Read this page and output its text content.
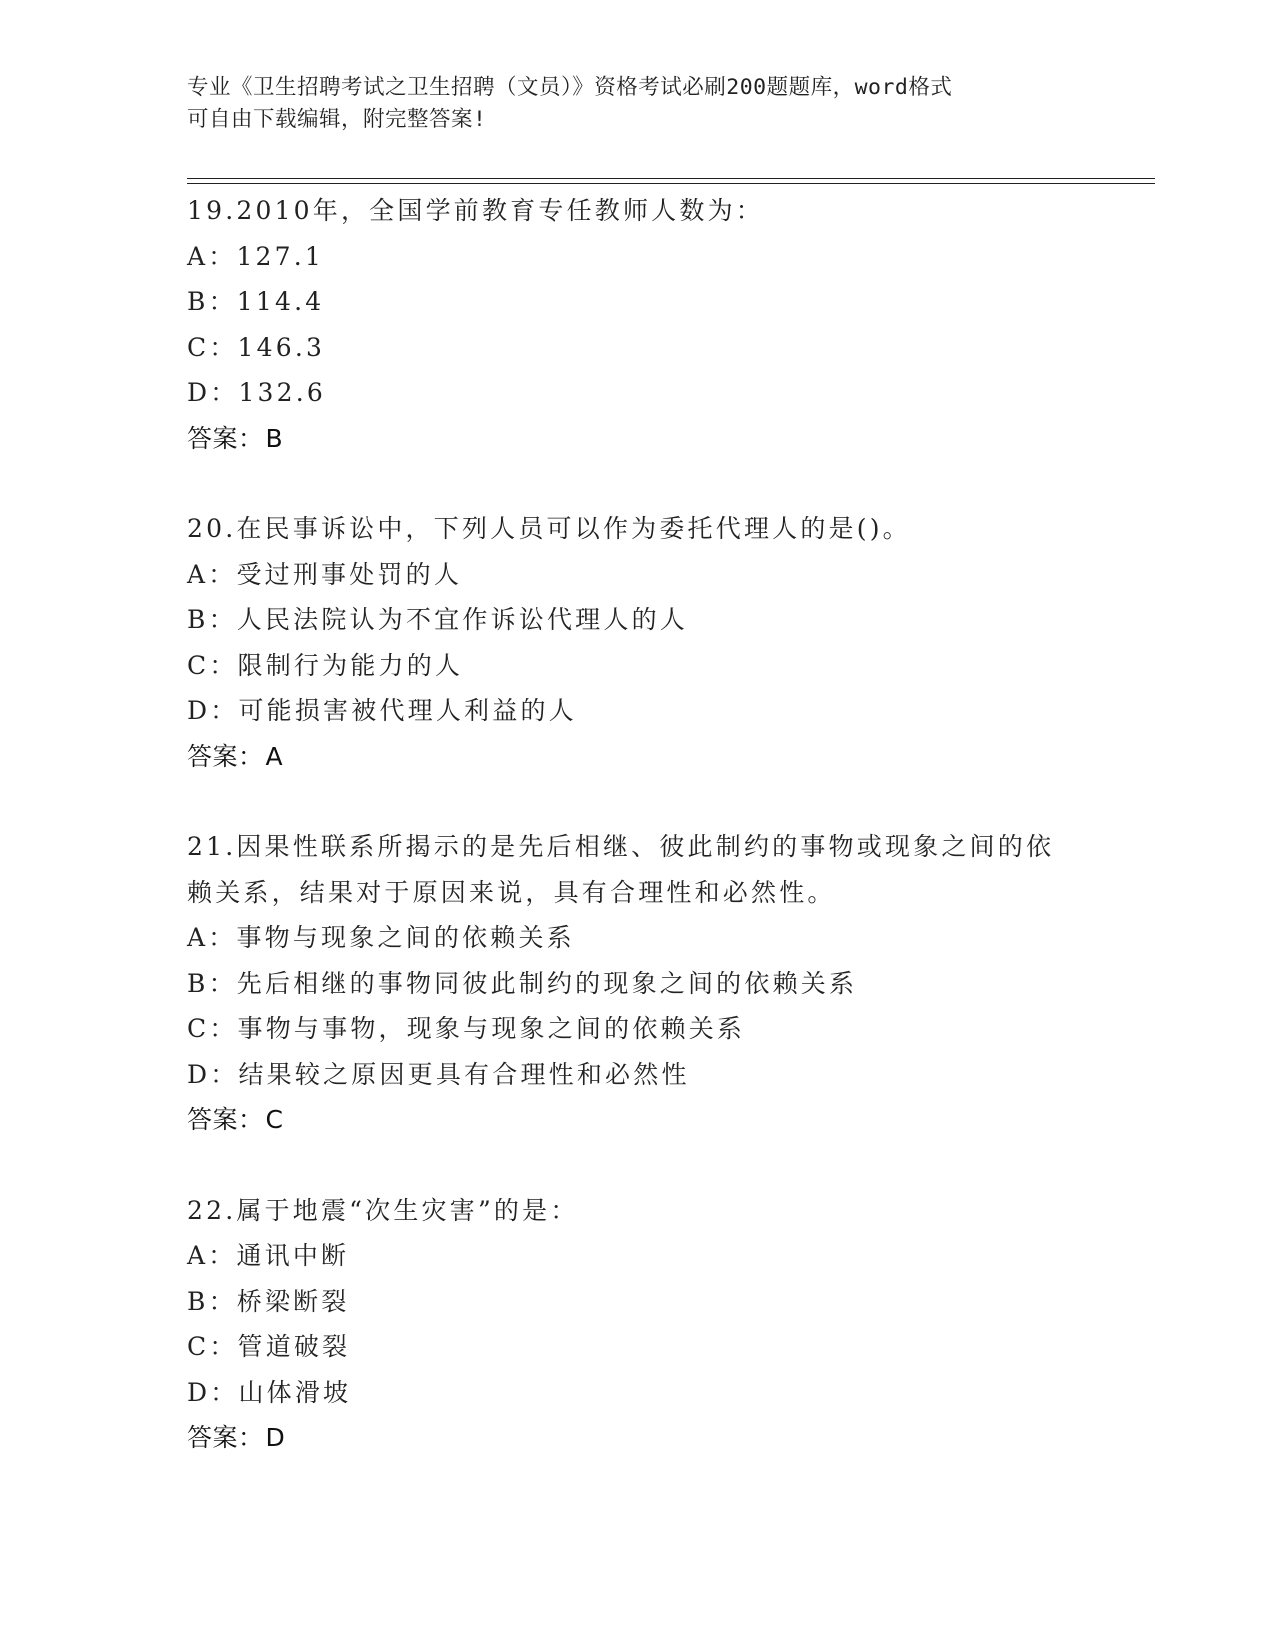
专业《卫生招聘考试之卫生招聘（文员）》资格考试必刷200题题库，word格式
可自由下载编辑，附完整答案!
19.2010年，全国学前教育专任教师人数为：
A：127.1
B：114.4
C：146.3
D：132.6
答案：B
20.在民事诉讼中，下列人员可以作为委托代理人的是()。
A：受过刑事处罚的人
B：人民法院认为不宜作诉讼代理人的人
C：限制行为能力的人
D：可能损害被代理人利益的人
答案：A
21.因果性联系所揭示的是先后相继、彼此制约的事物或现象之间的依
赖关系，结果对于原因来说，具有合理性和必然性。
A：事物与现象之间的依赖关系
B：先后相继的事物同彼此制约的现象之间的依赖关系
C：事物与事物，现象与现象之间的依赖关系
D：结果较之原因更具有合理性和必然性
答案：C
22.属于地震“次生灾害”的是：
A：通讯中断
B：桥梁断裂
C：管道破裂
D：山体滑坡
答案：D
